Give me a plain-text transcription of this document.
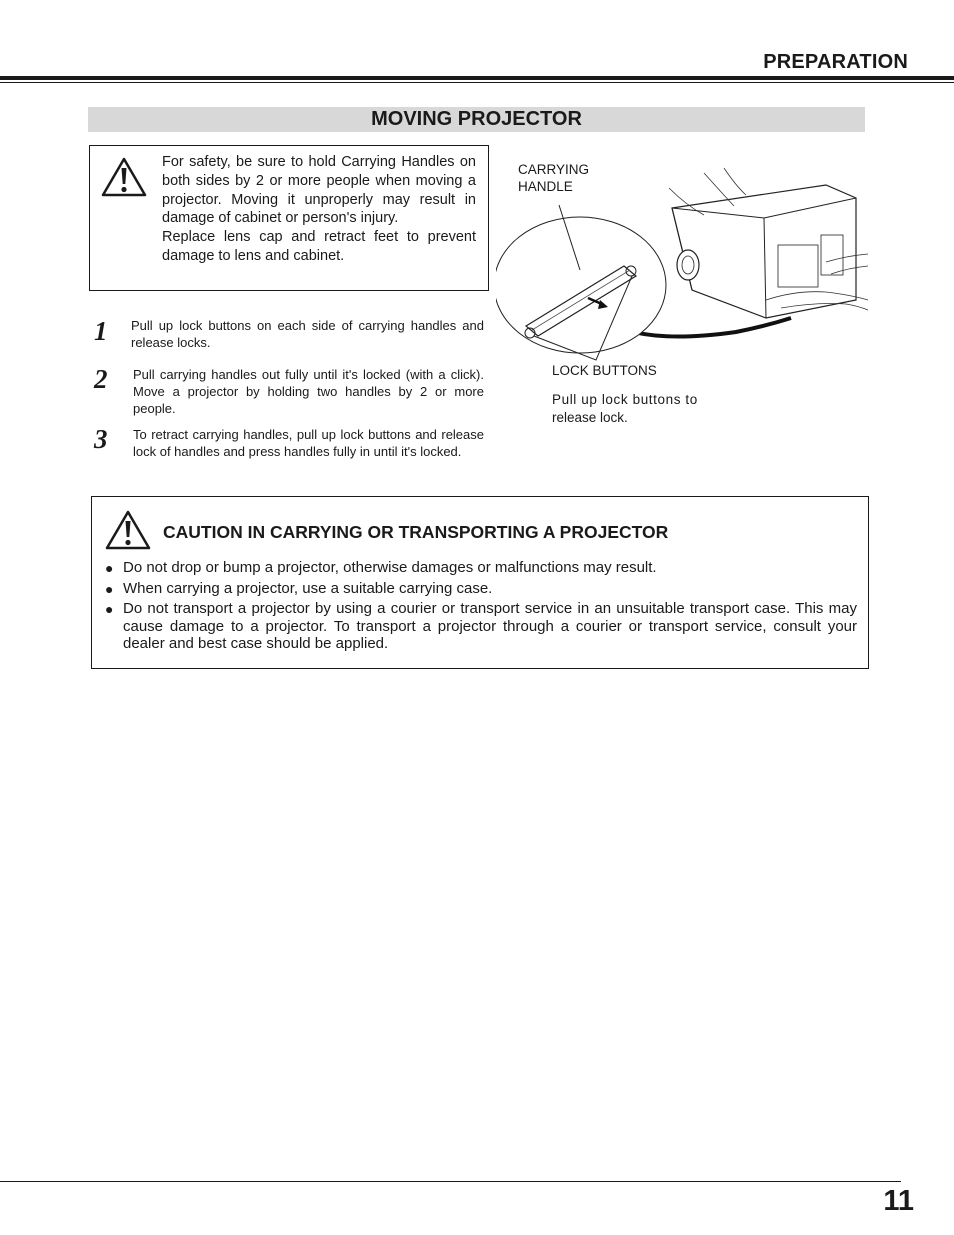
PREPARATION
MOVING PROJECTOR

For safety, be sure to hold Carrying Handles on both sides by 2 or more people when moving a projector. Moving it unproperly may result in damage of cabinet or person's injury.

Replace lens cap and retract feet to prevent damage to lens and cabinet.

1 Pull up lock buttons on each side of carrying handles and release locks.
2 Pull carrying handles out fully until it's locked (with a click). Move a projector by holding two handles by 2 or more people.
3 To retract carrying handles, pull up lock buttons and release lock of handles and press handles fully in until it's locked.
CARRYING
HANDLE
LOCK BUTTONS
Pull up lock buttons to
release lock.
CAUTION IN CARRYING OR TRANSPORTING A PROJECTOR
● Do not drop or bump a projector, otherwise damages or malfunctions may result.
● When carrying a projector, use a suitable carrying case.
● Do not transport a projector by using a courier or transport service in an unsuitable transport case. This may cause damage to a projector. To transport a projector through a courier or transport service, consult your dealer and best case should be applied.
11
